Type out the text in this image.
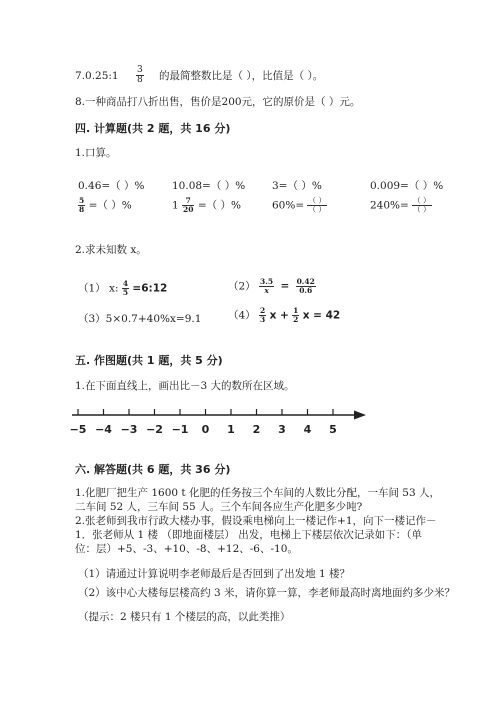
7.0.25:1 $\frac{3}{8}$ 的最简整数比是（ ），比值是（ ）。
8.一种商品打八折出售，售价是200元，它的原价是（ ）元。
四. 计算题(共 2 题，共 16 分)
1.口算。
0.46=（ ）%	10.08=（ ）%	3=（ ）%	0.009=（ ）%
$\frac{5}{8}$ =（ ）%	$1 \frac{7}{20}$ =（ ）%	$60\%= \frac{( )}{( )}$	$240\%= \frac{( )}{( )}$
2.求未知数 x。
（1） x: $\frac{4}{5}$ =6:12	$(2) \frac{3.5}{x} = \frac{0.42}{0.6}$
（3）5×0.7+40%x=9.1	$(4) \frac{2}{3}$ $x + \frac{1}{2}$ x = 42
五. 作图题(共 1 题，共 5 分)
1.在下面直线上，画出比－3 大的数所在区域。
−5 −4 −3 −2 −1 0 1 2 3 4 5
六. 解答题(共 6 题，共 36 分)
1.化肥厂把生产 1600 t 化肥的任务按三个车间的人数比分配，一车间 53 人，
二车间 52 人，三车间 55 人。三个车间各应生产化肥多少吨?
2.张老师到我市行政大楼办事，假设乘电梯向上一楼记作+1，向下一楼记作－
1．张老师从 1 楼 （即地面楼层） 出发，电梯上下楼层依次记录如下：（单
位：层）+5、-3、+10、-8、+12、-6、-10。
（1）请通过计算说明李老师最后是否回到了出发地 1 楼？
（2）该中心大楼每层楼高约 3 米，请你算一算，李老师最高时离地面约多少米？
（提示：2 楼只有 1 个楼层的高，以此类推）
